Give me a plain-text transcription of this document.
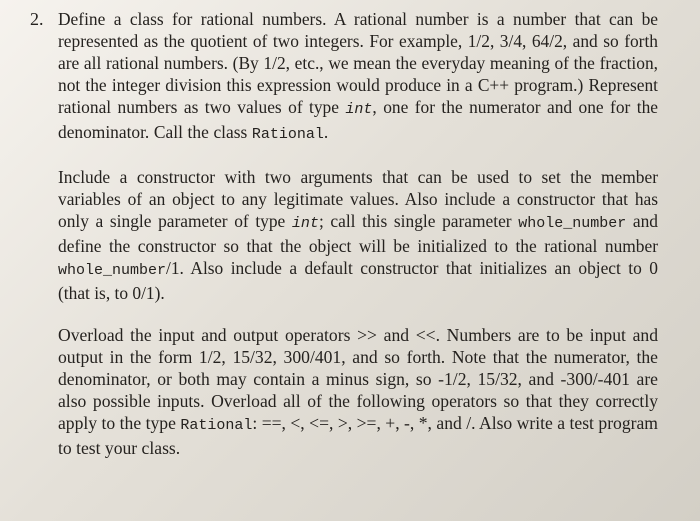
2. Define a class for rational numbers. A rational number is a number that can be represented as the quotient of two integers. For example, 1/2, 3/4, 64/2, and so forth are all rational numbers. (By 1/2, etc., we mean the everyday meaning of the fraction, not the integer division this expression would produce in a C++ program.) Represent rational numbers as two values of type int, one for the numerator and one for the denominator. Call the class Rational.

Include a constructor with two arguments that can be used to set the member variables of an object to any legitimate values. Also include a constructor that has only a single parameter of type int; call this single parameter whole_number and define the constructor so that the object will be initialized to the rational number whole_number/1. Also include a default constructor that initializes an object to 0 (that is, to 0/1).

Overload the input and output operators >> and <<. Numbers are to be input and output in the form 1/2, 15/32, 300/401, and so forth. Note that the numerator, the denominator, or both may contain a minus sign, so -1/2, 15/32, and -300/-401 are also possible inputs. Overload all of the following operators so that they correctly apply to the type Rational: ==, <, <=, >, >=, +, -, *, and /. Also write a test program to test your class.
